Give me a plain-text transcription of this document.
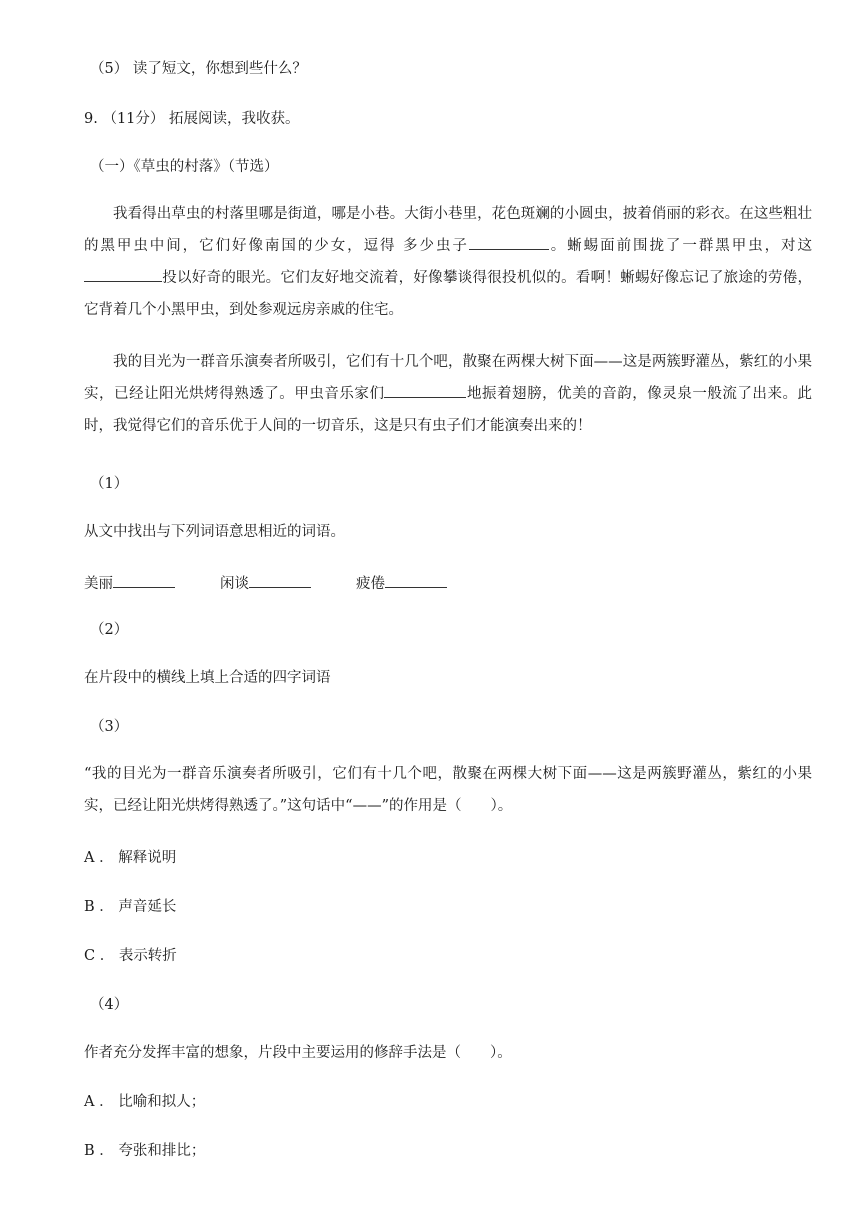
（5） 读了短文，你想到些什么？
9. （11分） 拓展阅读，我收获。
（一）《草虫的村落》（节选）
我看得出草虫的村落里哪是街道，哪是小巷。大街小巷里，花色斑斓的小圆虫，披着俏丽的彩衣。在这些粗壮的黑甲虫中间，它们好像南国的少女，逗得 多少虫子	。蜥蜴面前围拢了一群黑甲虫，对这投以好奇的眼光。它们友好地交流着，好像攀谈得很投机似的。看啊！蜥蜴好像忘记了旅途的劳倦，它背着几个小黑甲虫，到处参观远房亲戚的住宅。
我的目光为一群音乐演奏者所吸引，它们有十几个吧，散聚在两棵大树下面——这是两簇野灌丛，紫红的小果实，已经让阳光烘烤得熟透了。甲虫音乐家们	地振着翅膀，优美的音韵，像灵泉一般流了出来。此时，我觉得它们的音乐优于人间的一切音乐，这是只有虫子们才能演奏出来的！
（1）
从文中找出与下列词语意思相近的词语。
美丽	闲谈	疲倦
（2）
在片段中的横线上填上合适的四字词语
（3）
“我的目光为一群音乐演奏者所吸引，它们有十几个吧，散聚在两棵大树下面——这是两簇野灌丛，紫红的小果实，已经让阳光烘烤得熟透了。”这句话中“——”的作用是（　　）。
A ． 解释说明
B ． 声音延长
C ． 表示转折
（4）
作者充分发挥丰富的想象，片段中主要运用的修辞手法是（　　）。
A ． 比喻和拟人；
B ． 夸张和排比；
